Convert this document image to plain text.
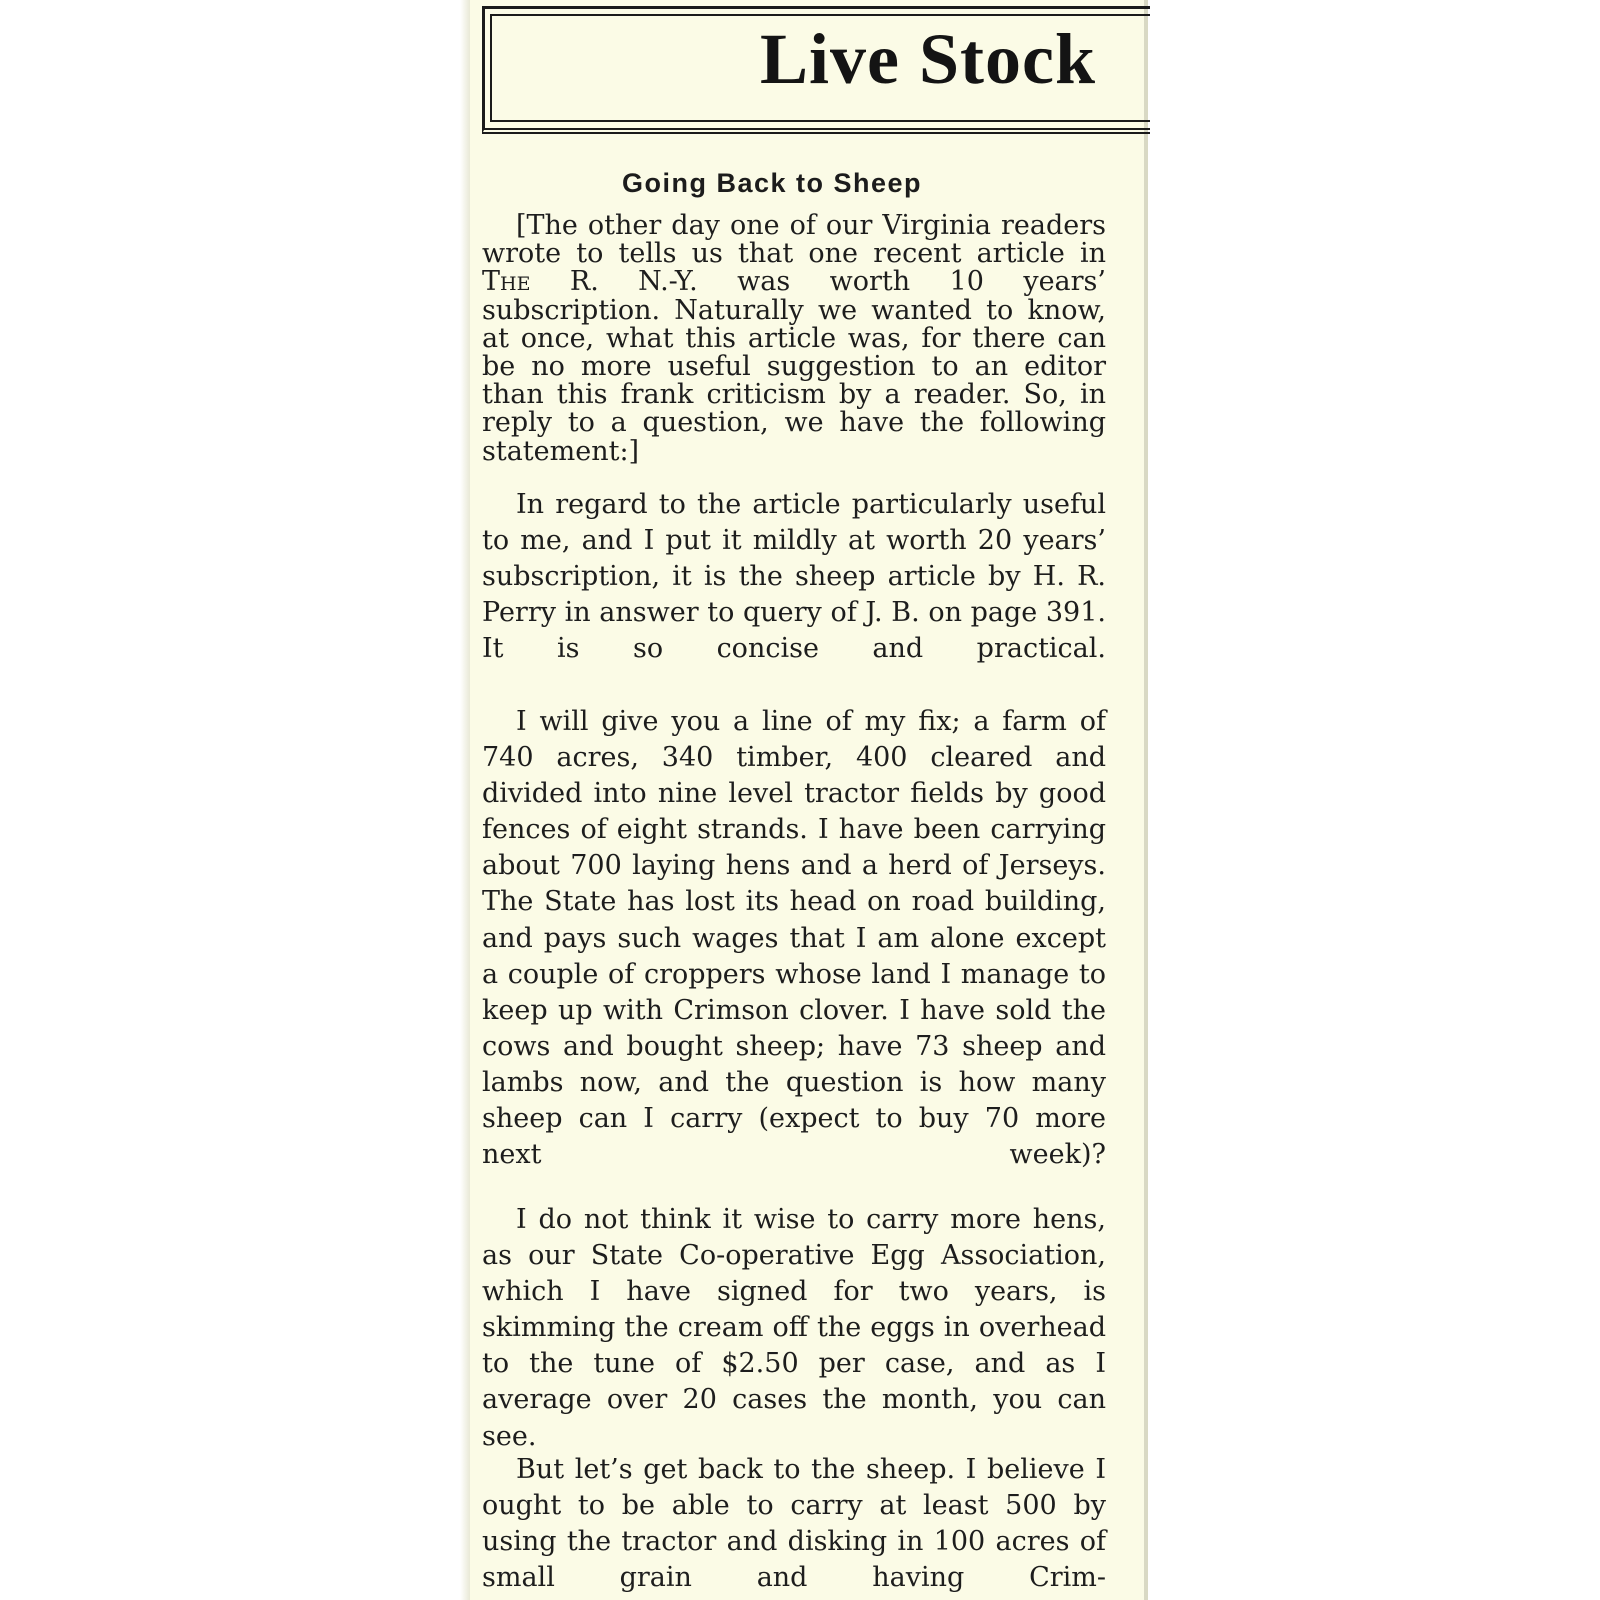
Live Stock
Going Back to Sheep

[The other day one of our Virginia readers wrote to tells us that one recent article in The R. N.-Y. was worth 10 years’ subscription. Naturally we wanted to know, at once, what this article was, for there can be no more useful suggestion to an editor than this frank criticism by a reader. So, in reply to a question, we have the following statement:]

In regard to the article particularly useful to me, and I put it mildly at worth 20 years’ subscription, it is the sheep article by H. R. Perry in answer to query of J. B. on page 391. It is so concise and practical.

I will give you a line of my fix; a farm of 740 acres, 340 timber, 400 cleared and divided into nine level tractor fields by good fences of eight strands. I have been carrying about 700 laying hens and a herd of Jerseys. The State has lost its head on road building, and pays such wages that I am alone except a couple of croppers whose land I manage to keep up with Crimson clover. I have sold the cows and bought sheep; have 73 sheep and lambs now, and the question is how many sheep can I carry (expect to buy 70 more next week)?

I do not think it wise to carry more hens, as our State Co-operative Egg Association, which I have signed for two years, is skimming the cream off the eggs in overhead to the tune of $2.50 per case, and as I average over 20 cases the month, you can see.

But let’s get back to the sheep. I believe I ought to be able to carry at least 500 by using the tractor and disking in 100 acres of small grain and having Crim-
